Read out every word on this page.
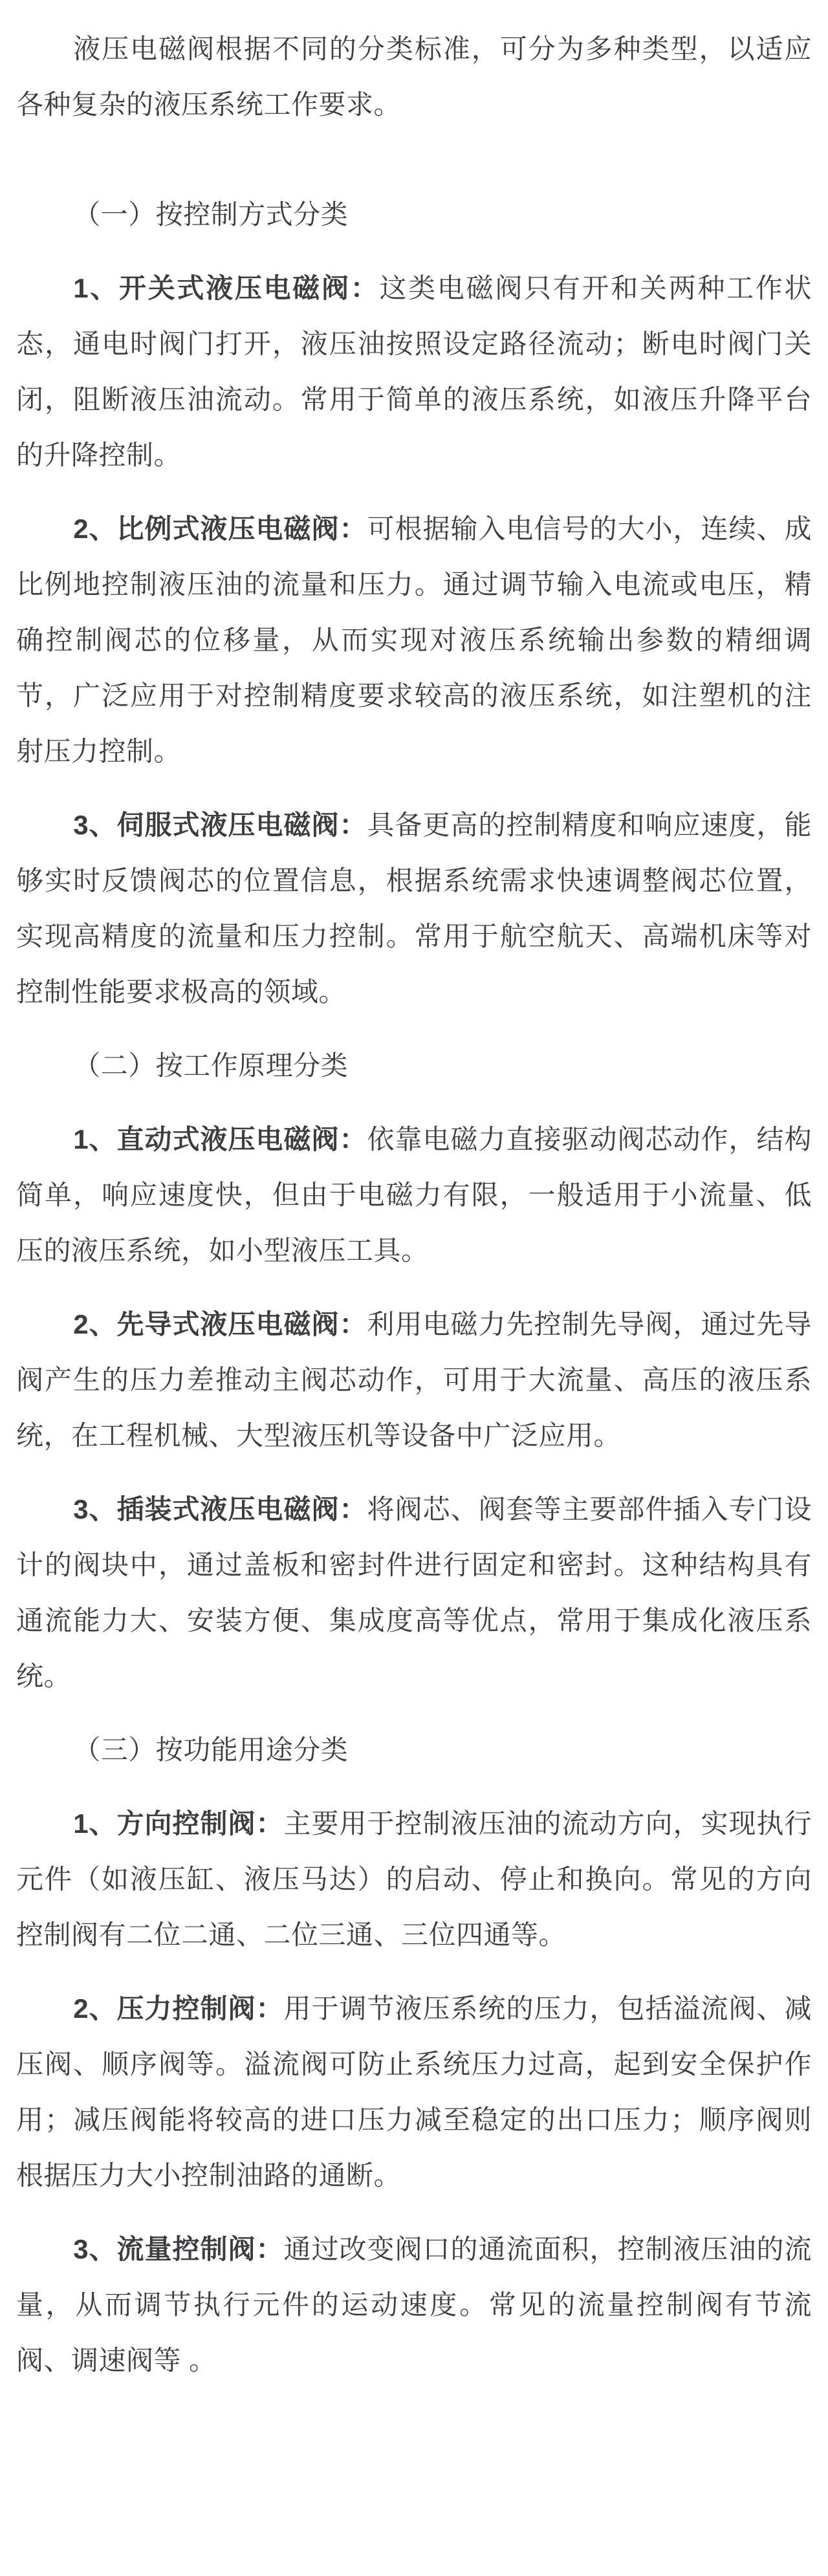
液压电磁阀根据不同的分类标准，可分为多种类型，以适应各种复杂的液压系统工作要求。

（一）按控制方式分类

1、开关式液压电磁阀：这类电磁阀只有开和关两种工作状态，通电时阀门打开，液压油按照设定路径流动；断电时阀门关闭，阻断液压油流动。常用于简单的液压系统，如液压升降平台的升降控制。

2、比例式液压电磁阀：可根据输入电信号的大小，连续、成比例地控制液压油的流量和压力。通过调节输入电流或电压，精确控制阀芯的位移量，从而实现对液压系统输出参数的精细调节，广泛应用于对控制精度要求较高的液压系统，如注塑机的注射压力控制。

3、伺服式液压电磁阀：具备更高的控制精度和响应速度，能够实时反馈阀芯的位置信息，根据系统需求快速调整阀芯位置，实现高精度的流量和压力控制。常用于航空航天、高端机床等对控制性能要求极高的领域。

（二）按工作原理分类

1、直动式液压电磁阀：依靠电磁力直接驱动阀芯动作，结构简单，响应速度快，但由于电磁力有限，一般适用于小流量、低压的液压系统，如小型液压工具。

2、先导式液压电磁阀：利用电磁力先控制先导阀，通过先导阀产生的压力差推动主阀芯动作，可用于大流量、高压的液压系统，在工程机械、大型液压机等设备中广泛应用。

3、插装式液压电磁阀：将阀芯、阀套等主要部件插入专门设计的阀块中，通过盖板和密封件进行固定和密封。这种结构具有通流能力大、安装方便、集成度高等优点，常用于集成化液压系统。

（三）按功能用途分类

1、方向控制阀：主要用于控制液压油的流动方向，实现执行元件（如液压缸、液压马达）的启动、停止和换向。常见的方向控制阀有二位二通、二位三通、三位四通等。

2、压力控制阀：用于调节液压系统的压力，包括溢流阀、减压阀、顺序阀等。溢流阀可防止系统压力过高，起到安全保护作用；减压阀能将较高的进口压力减至稳定的出口压力；顺序阀则根据压力大小控制油路的通断。

3、流量控制阀：通过改变阀口的通流面积，控制液压油的流量，从而调节执行元件的运动速度。常见的流量控制阀有节流阀、调速阀等 。
